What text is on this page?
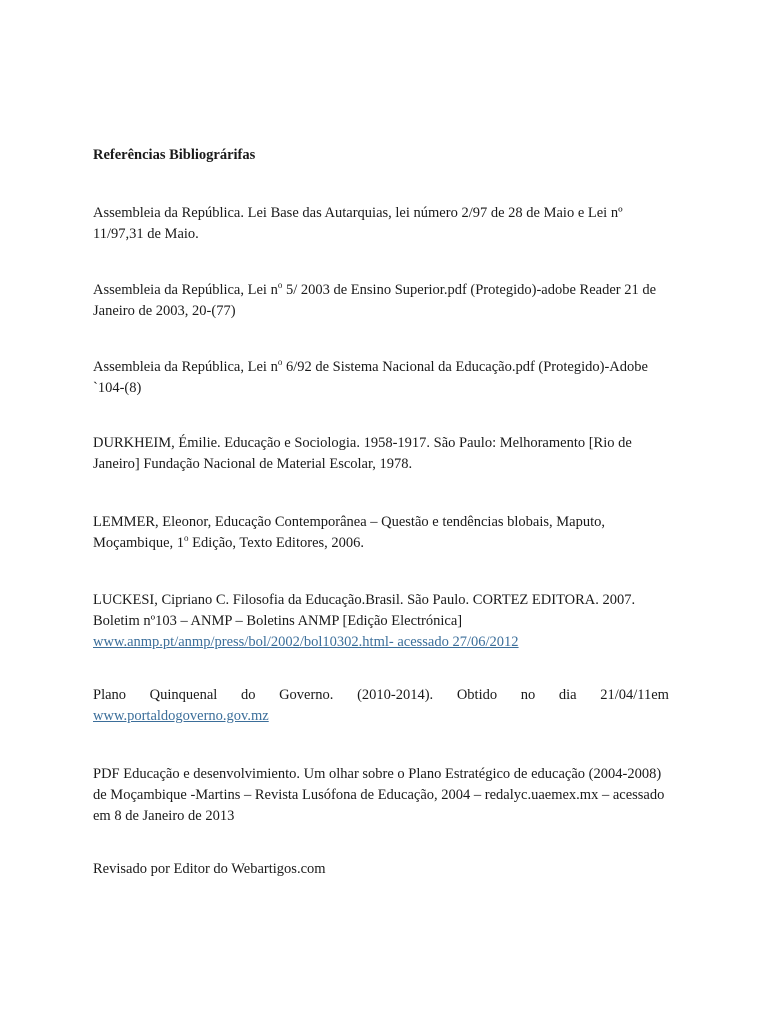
Referências Bibliográrifas

Assembleia da República. Lei Base das Autarquias, lei número 2/97 de 28 de Maio e Lei nº 11/97,31 de Maio.

Assembleia da República, Lei $n^o$ 5/ 2003 de Ensino Superior.pdf (Protegido)-adobe Reader 21 de Janeiro de 2003, 20-(77)

Assembleia da República, Lei $n^o$ 6/92 de Sistema Nacional da Educação.pdf (Protegido)-Adobe `104-(8)

DURKHEIM, Émilie. Educação e Sociologia. 1958-1917. São Paulo: Melhoramento [Rio de Janeiro] Fundação Nacional de Material Escolar, 1978.

LEMMER, Eleonor, Educação Contemporânea – Questão e tendências blobais, Maputo, Moçambique, 1$^o$ Edição, Texto Editores, 2006.

LUCKESI, Cipriano C. Filosofia da Educação.Brasil. São Paulo. CORTEZ EDITORA. 2007. Boletim nº103 – ANMP – Boletins ANMP [Edição Electrónica]
www.anmp.pt/anmp/press/bol/2002/bol10302.html- acessado 27/06/2012
Plano Quinquenal do Governo. (2010-2014). Obtido no dia 21/04/11em
www.portaldogoverno.gov.mz

PDF Educação e desenvolvimiento. Um olhar sobre o Plano Estratégico de educação (2004-2008) de Moçambique -Martins – Revista Lusófona de Educação, 2004 – redalyc.uaemex.mx – acessado em 8 de Janeiro de 2013

Revisado por Editor do Webartigos.com
